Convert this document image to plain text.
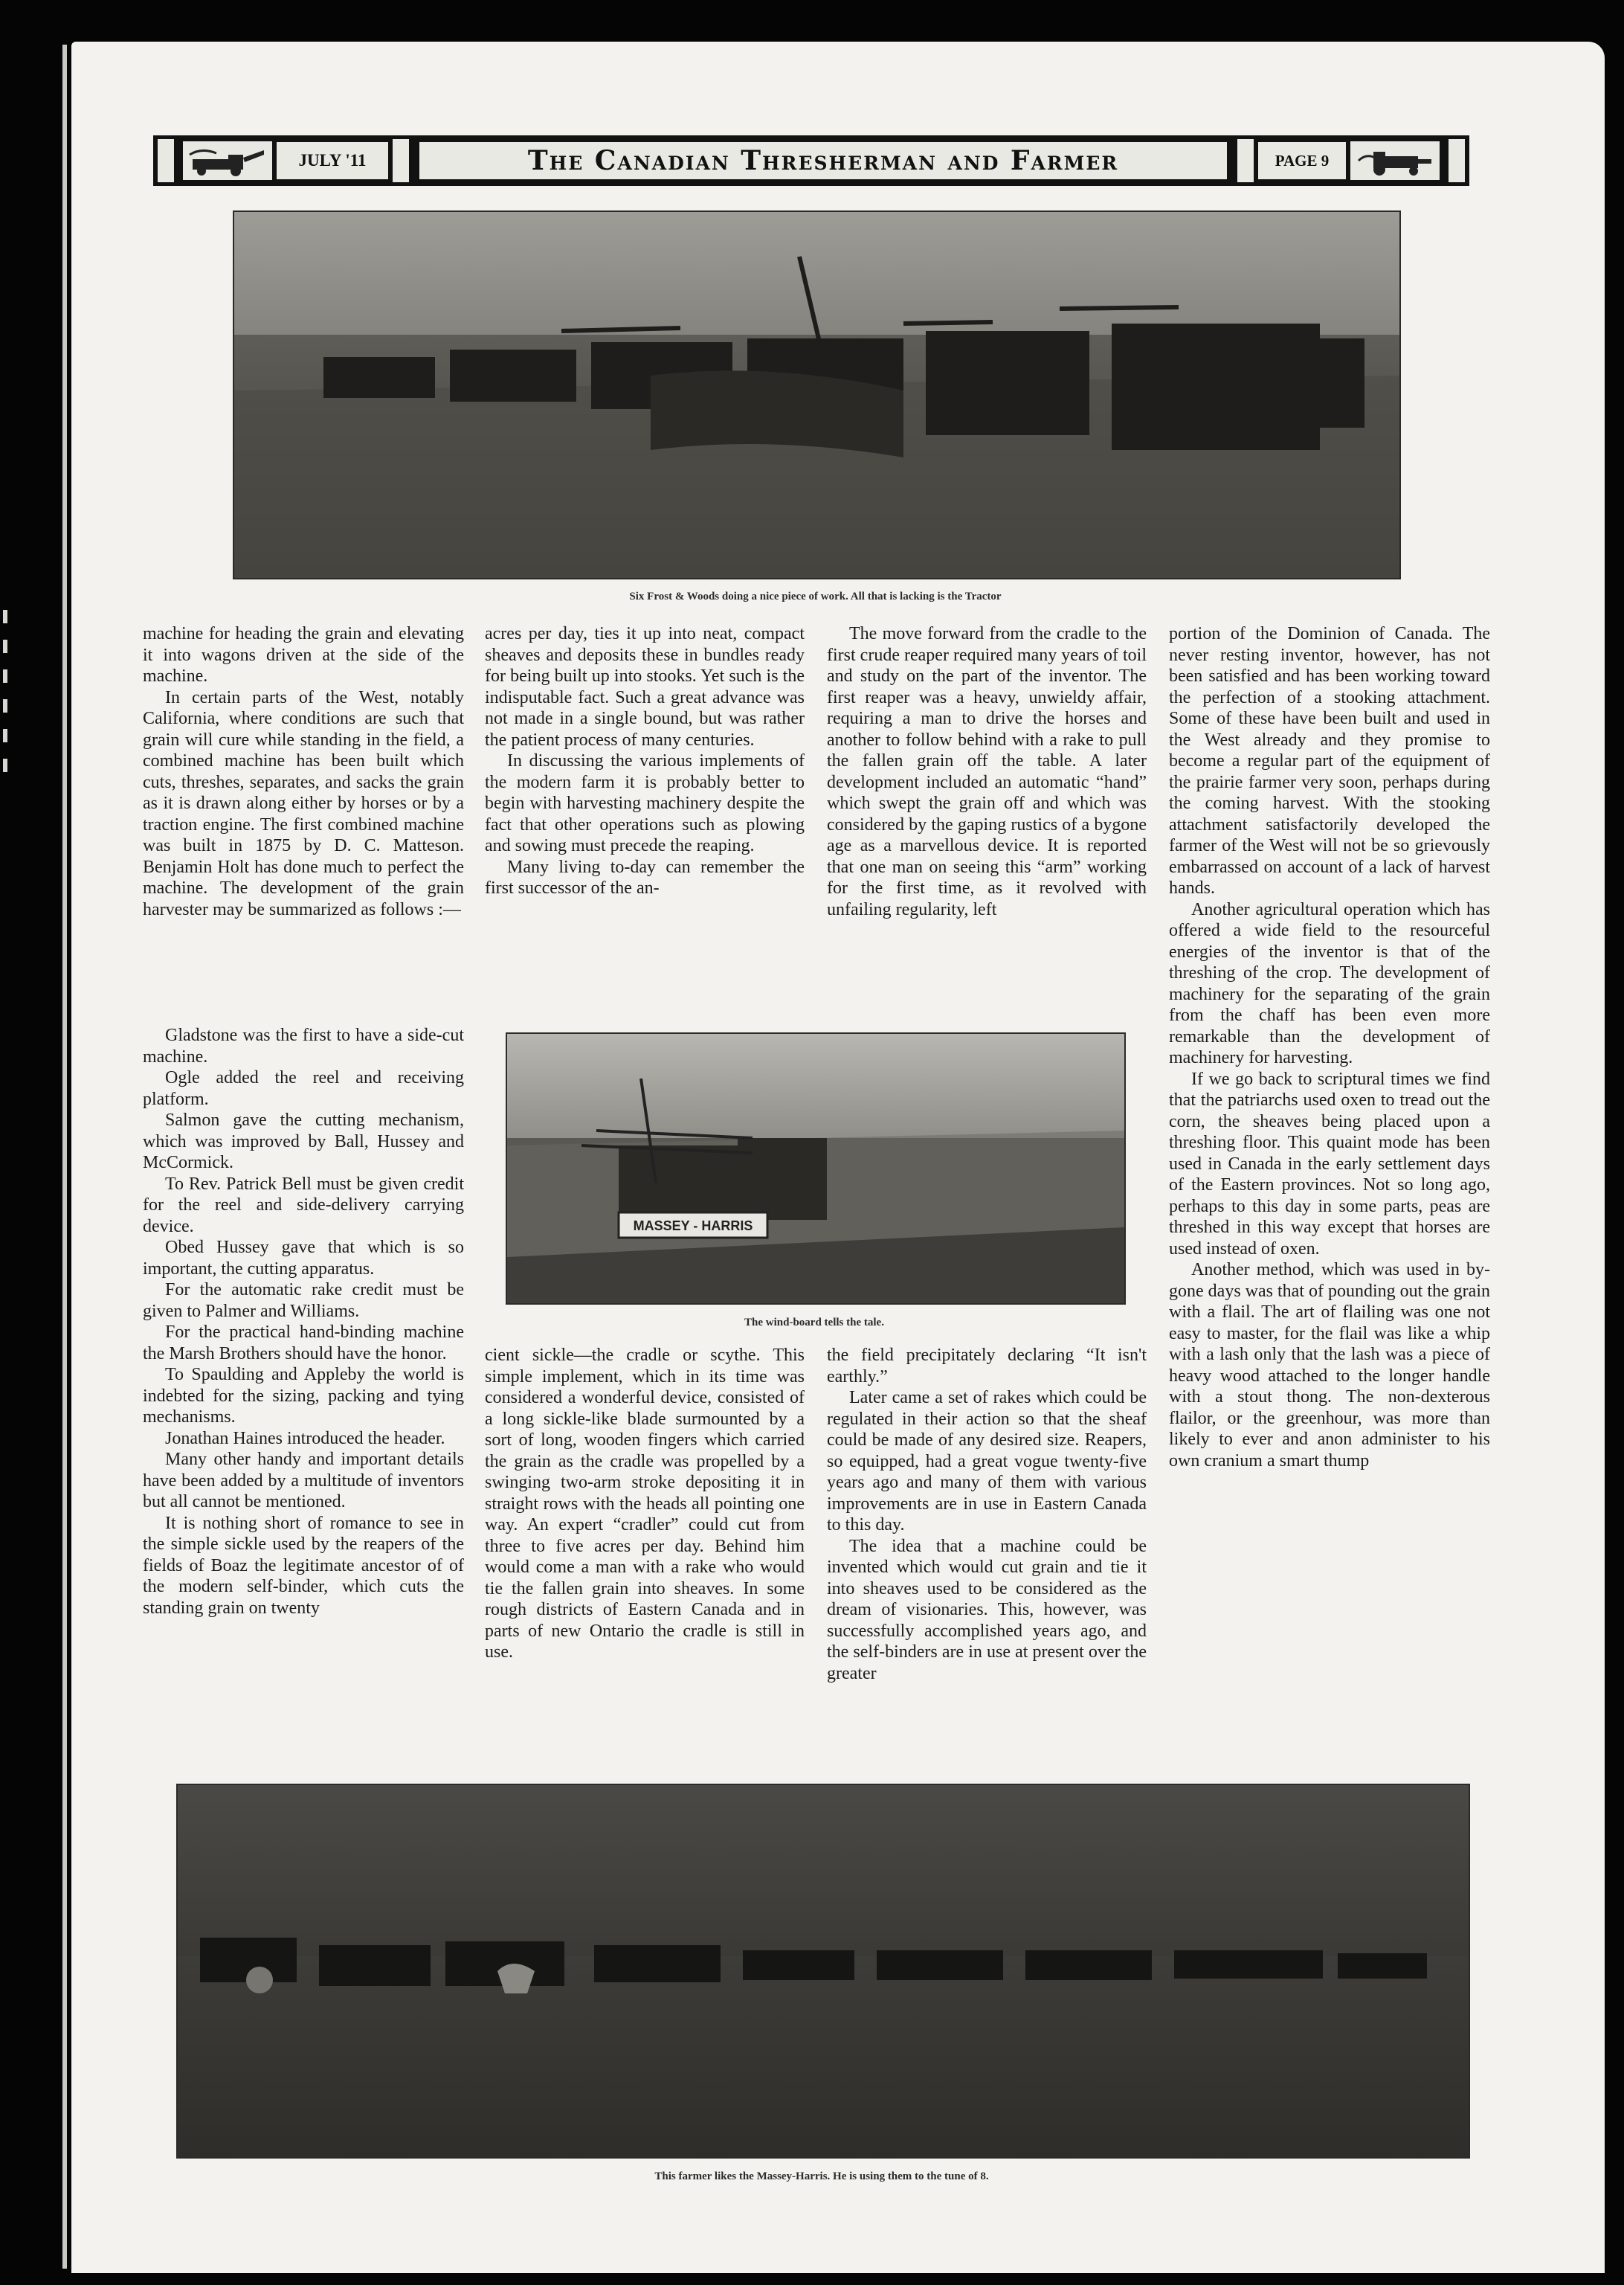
JULY '11	The Canadian Thresherman and Farmer	PAGE 9
Six Frost & Woods doing a nice piece of work. All that is lacking is the Tractor

machine for heading the grain and elevating it into wagons driven at the side of the machine.

In certain parts of the West, notably California, where conditions are such that grain will cure while standing in the field, a combined machine has been built which cuts, threshes, separates, and sacks the grain as it is drawn along either by horses or by a traction engine. The first combined machine was built in 1875 by D. C. Matteson. Benjamin Holt has done much to perfect the machine. The development of the grain harvester may be summarized as follows :—

Gladstone was the first to have a side-cut machine.

Ogle added the reel and receiving platform.

Salmon gave the cutting mechanism, which was improved by Ball, Hussey and McCormick.

To Rev. Patrick Bell must be given credit for the reel and side-delivery carrying device.

Obed Hussey gave that which is so important, the cutting apparatus.

For the automatic rake credit must be given to Palmer and Williams.

For the practical hand-binding machine the Marsh Brothers should have the honor.

To Spaulding and Appleby the world is indebted for the sizing, packing and tying mechanisms.

Jonathan Haines introduced the header.

Many other handy and important details have been added by a multitude of inventors but all cannot be mentioned.

It is nothing short of romance to see in the simple sickle used by the reapers of the fields of Boaz the legitimate ancestor of of the modern self-binder, which cuts the standing grain on twenty

acres per day, ties it up into neat, compact sheaves and deposits these in bundles ready for being built up into stooks. Yet such is the indisputable fact. Such a great advance was not made in a single bound, but was rather the patient process of many centuries.

In discussing the various implements of the modern farm it is probably better to begin with harvesting machinery despite the fact that other operations such as plowing and sowing must precede the reaping.

Many living to-day can remember the first successor of the an-

The move forward from the cradle to the first crude reaper required many years of toil and study on the part of the inventor. The first reaper was a heavy, unwieldy affair, requiring a man to drive the horses and another to follow behind with a rake to pull the fallen grain off the table. A later development included an automatic “hand” which swept the grain off and which was considered by the gaping rustics of a bygone age as a marvellous device. It is reported that one man on seeing this “arm” working for the first time, as it revolved with unfailing regularity, left

MASSEY - HARRIS
The wind-board tells the tale.

cient sickle—the cradle or scythe. This simple implement, which in its time was considered a wonderful device, consisted of a long sickle-like blade surmounted by a sort of long, wooden fingers which carried the grain as the cradle was propelled by a swinging two-arm stroke depositing it in straight rows with the heads all pointing one way. An expert “cradler” could cut from three to five acres per day. Behind him would come a man with a rake who would tie the fallen grain into sheaves. In some rough districts of Eastern Canada and in parts of new Ontario the cradle is still in use.

the field precipitately declaring “It isn't earthly.”

Later came a set of rakes which could be regulated in their action so that the sheaf could be made of any desired size. Reapers, so equipped, had a great vogue twenty-five years ago and many of them with various improvements are in use in Eastern Canada to this day.

The idea that a machine could be invented which would cut grain and tie it into sheaves used to be considered as the dream of visionaries. This, however, was successfully accomplished years ago, and the self-binders are in use at present over the greater

portion of the Dominion of Canada. The never resting inventor, however, has not been satisfied and has been working toward the perfection of a stooking attachment. Some of these have been built and used in the West already and they promise to become a regular part of the equipment of the prairie farmer very soon, perhaps during the coming harvest. With the stooking attachment satisfactorily developed the farmer of the West will not be so grievously embarrassed on account of a lack of harvest hands.

Another agricultural operation which has offered a wide field to the resourceful energies of the inventor is that of the threshing of the crop. The development of machinery for the separating of the grain from the chaff has been even more remarkable than the development of machinery for harvesting.

If we go back to scriptural times we find that the patriarchs used oxen to tread out the corn, the sheaves being placed upon a threshing floor. This quaint mode has been used in Canada in the early settlement days of the Eastern provinces. Not so long ago, perhaps to this day in some parts, peas are threshed in this way except that horses are used instead of oxen.

Another method, which was used in by-gone days was that of pounding out the grain with a flail. The art of flailing was one not easy to master, for the flail was like a whip with a lash only that the lash was a piece of heavy wood attached to the longer handle with a stout thong. The non-dexterous flailor, or the greenhour, was more than likely to ever and anon administer to his own cranium a smart thump

This farmer likes the Massey-Harris. He is using them to the tune of 8.
